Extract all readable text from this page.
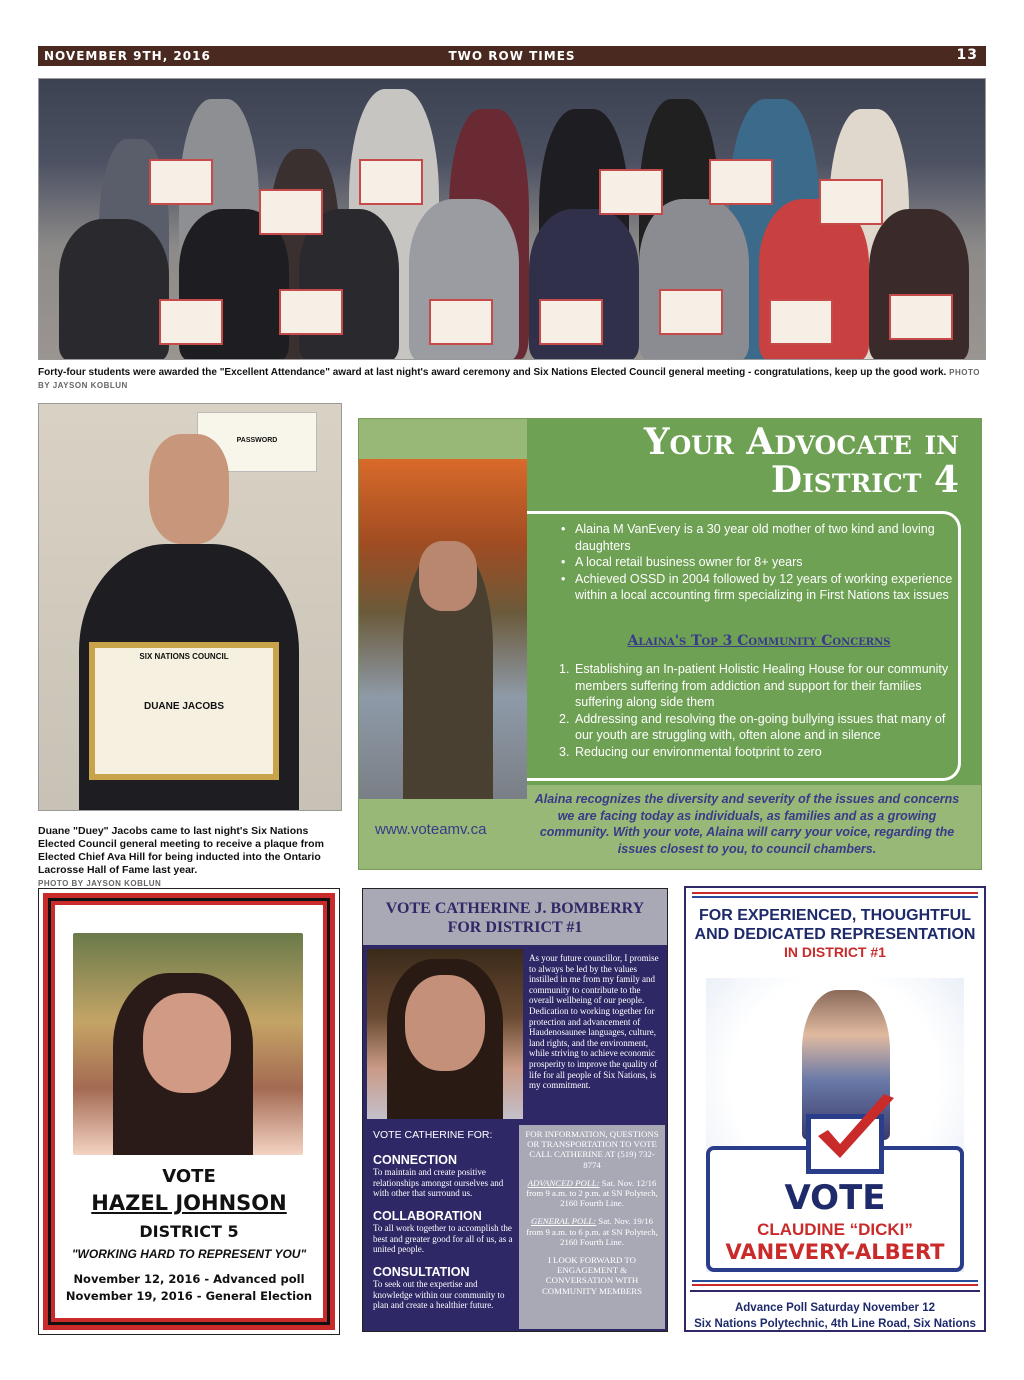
NOVEMBER 9TH, 2016	TWO ROW TIMES	13
Forty-four students were awarded the "Excellent Attendance" award at last night's award ceremony and Six Nations Elected Council general meeting - congratulations, keep up the good work. PHOTO BY JAYSON KOBLUN
PASSWORD
SIX NATIONS COUNCIL
DUANE JACOBS
Duane "Duey" Jacobs came to last night's Six Nations Elected Council general meeting to receive a plaque from Elected Chief Ava Hill for being inducted into the Ontario Lacrosse Hall of Fame last year.
PHOTO BY JAYSON KOBLUN
Your Advocate in
District 4
• Alaina M VanEvery is a 30 year old mother of two kind and loving daughters
• A local retail business owner for 8+ years
• Achieved OSSD in 2004 followed by 12 years of working experience within a local accounting firm specializing in First Nations tax issues
Alaina's Top 3 Community Concerns
1. Establishing an In-patient Holistic Healing House for our community members suffering from addiction and support for their families suffering along side them
2. Addressing and resolving the on-going bullying issues that many of our youth are struggling with, often alone and in silence
3. Reducing our environmental footprint to zero
www.voteamv.ca
Alaina recognizes the diversity and severity of the issues and concerns we are facing today as individuals, as families and as a growing community. With your vote, Alaina will carry your voice, regarding the issues closest to you, to council chambers.
VOTE
HAZEL JOHNSON
DISTRICT 5
"WORKING HARD TO REPRESENT YOU"
November 12, 2016 - Advanced poll
November 19, 2016 - General Election
VOTE CATHERINE J. BOMBERRY
FOR DISTRICT #1
As your future councillor, I promise to always be led by the values instilled in me from my family and community to contribute to the overall wellbeing of our people. Dedication to working together for protection and advancement of Haudenosaunee languages, culture, land rights, and the environment, while striving to achieve economic prosperity to improve the quality of life for all people of Six Nations, is my commitment.
VOTE CATHERINE FOR:
CONNECTION
To maintain and create positive relationships amongst ourselves and with other that surround us.
COLLABORATION
To all work together to accomplish the best and greater good for all of us, as a united people.
CONSULTATION
To seek out the expertise and knowledge within our community to plan and create a healthier future.

FOR INFORMATION, QUESTIONS OR TRANSPORTATION TO VOTE CALL CATHERINE AT (519) 732-8774

ADVANCED POLL: Sat. Nov. 12/16 from 9 a.m. to 2 p.m. at SN Polytech, 2160 Fourth Line.

GENERAL POLL: Sat. Nov. 19/16 from 9 a.m. to 6 p.m. at SN Polytech, 2160 Fourth Line.

I LOOK FORWARD TO ENGAGEMENT & CONVERSATION WITH COMMUNITY MEMBERS

FOR EXPERIENCED, THOUGHTFUL AND DEDICATED REPRESENTATION
IN DISTRICT #1
VOTE
CLAUDINE “DICKI”
VANEVERY-ALBERT
Advance Poll Saturday November 12
Six Nations Polytechnic, 4th Line Road, Six Nations
